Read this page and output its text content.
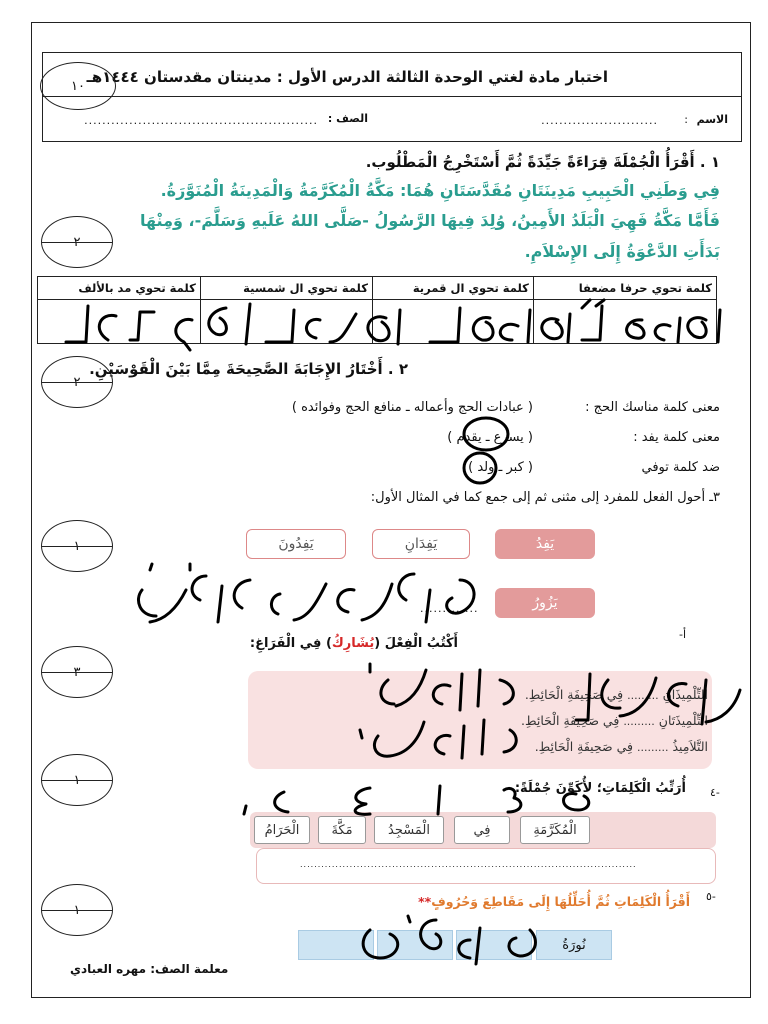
اختبار مادة لغتي الوحدة الثالثة الدرس الأول : مدينتان مقدستان ١٤٤٤هـ
١٠
الاسم
:
..........................
الصف :
....................................................
٢
٢
١
٣
١
١
١ . أَقْرَأُ الْجُمْلَةَ قِرَاءَةً جَيِّدَةً ثُمَّ أَسْتَخْرِجُ الْمَطْلُوب.
فِي وَطَنِي الْحَبِيبِ مَدِينَتَانِ مُقَدَّسَتَانِ هُمَا: مَكَّةُ الْمُكَرَّمَةُ وَالْمَدِينَةُ الْمُنَوَّرَةُ.
فَأَمَّا مَكَّةُ فَهِيَ الْبَلَدُ الأَمِينُ، وُلِدَ فِيهَا الرَّسُولُ -صَلَّى اللهُ عَلَيهِ وَسَلَّمَ-، وَمِنْهَا
بَدَأَتِ الدَّعْوَةُ إِلَى الإِسْلاَمِ.
كلمة تحوي حرفا مضعفا	كلمة تحوي ال قمرية	كلمة تحوي ال شمسية	كلمة تحوي مد بالألف

٢ . أَخْتَارُ الإِجَابَةَ الصَّحِيحَةَ مِمَّا بَيْنَ الْقَوْسَيْنِ.
معنى كلمة مناسك الحج :
( عبادات الحج وأعماله ـ منافع الحج وفوائده )
معنى كلمة يفد :
( يسرع ـ يقدم )
ضد كلمة توفي
( كبر ـ ولد )
٣ـ أحول الفعل للمفرد إلى مثنى ثم إلى جمع كما في المثال الأول:
يَفِدُ
يَفِدَانِ
يَفِدُونَ
يَزُورُ
.............
أ-
أَكْتُبُ الْفِعْلَ (يُشَارِكُ) فِي الْفَرَاغِ:
التِّلْمِيذَانِ ......... فِي صَحِيفَةِ الْحَائِطِ.
التِّلْمِيذَتَانِ ......... فِي صَحِيفَةِ الْحَائِطِ.
التَّلاَمِيذُ ......... فِي صَحِيفَةِ الْحَائِطِ.
-٤
أُرَتِّبُ الْكَلِمَاتِ؛ لأُكَوِّنَ جُمْلَةً:
الْمُكَرَّمَةِ
فِي
الْمَسْجِدُ
مَكَّةَ
الْحَرَامُ
...............................................................................................
-٥
أَقْرَأُ الْكَلِمَاتِ ثُمَّ أُحَلِّلُهَا إِلَى مَقَاطِعَ وَحُرُوفٍ**
نُورَةُ
معلمة الصف: مهره العبادي
